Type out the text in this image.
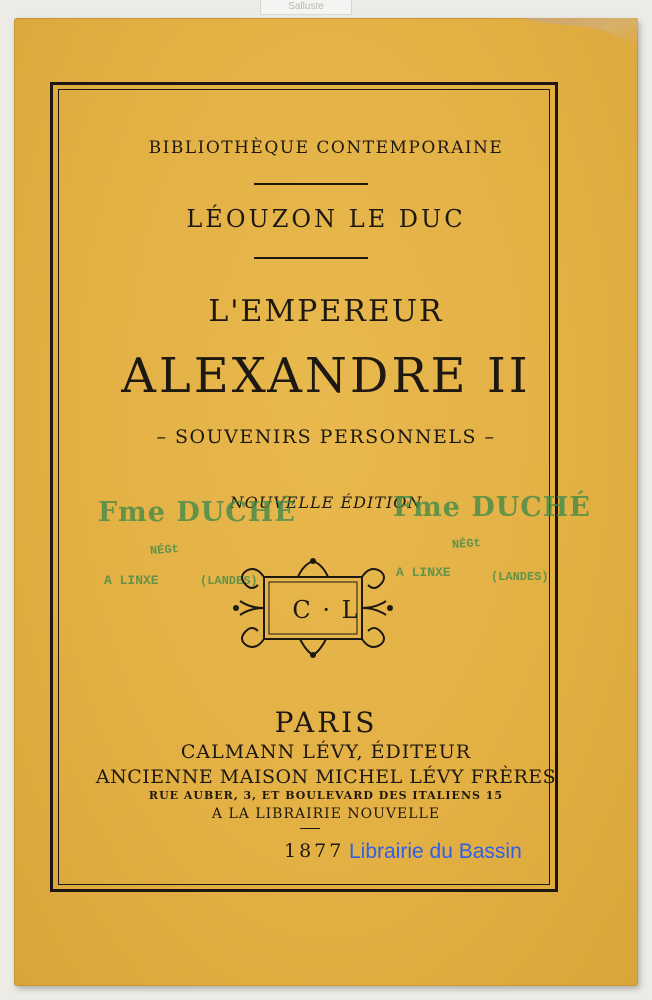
Salluste
BIBLIOTHÈQUE CONTEMPORAINE
LÉOUZON LE DUC
L'EMPEREUR
ALEXANDRE II
– SOUVENIRS PERSONNELS –
NOUVELLE ÉDITION
Fme DUCHÉ
NÉGt
A LINXE	(LANDES)
Fme DUCHÉ
NÉGt
A LINXE	(LANDES)
C · L
PARIS
CALMANN LÉVY, ÉDITEUR
ANCIENNE MAISON MICHEL LÉVY FRÈRES
RUE AUBER, 3, ET BOULEVARD DES ITALIENS 15
A LA LIBRAIRIE NOUVELLE
1877 Librairie du Bassin
